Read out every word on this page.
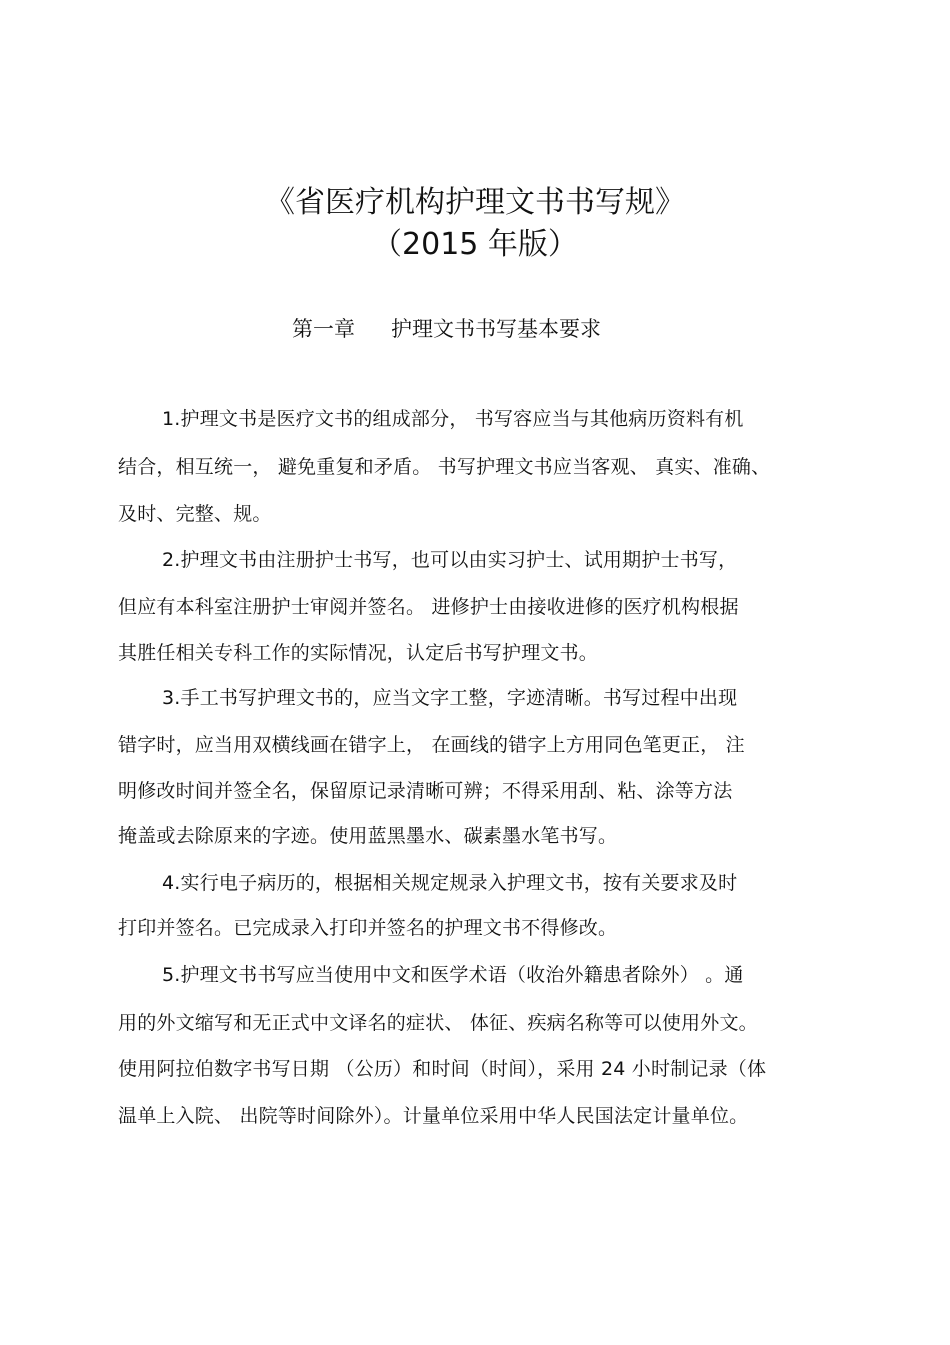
《省医疗机构护理文书书写规》
（2015 年版）
第一章 护理文书书写基本要求
1.护理文书是医疗文书的组成部分， 书写容应当与其他病历资料有机
结合，相互统一， 避免重复和矛盾。 书写护理文书应当客观、 真实、准确、
及时、完整、规。
2.护理文书由注册护士书写，也可以由实习护士、试用期护士书写，
但应有本科室注册护士审阅并签名。 进修护士由接收进修的医疗机构根据
其胜任相关专科工作的实际情况，认定后书写护理文书。
3.手工书写护理文书的，应当文字工整，字迹清晰。书写过程中出现
错字时，应当用双横线画在错字上， 在画线的错字上方用同色笔更正， 注
明修改时间并签全名，保留原记录清晰可辨；不得采用刮、粘、涂等方法
掩盖或去除原来的字迹。使用蓝黑墨水、碳素墨水笔书写。
4.实行电子病历的，根据相关规定规录入护理文书，按有关要求及时
打印并签名。已完成录入打印并签名的护理文书不得修改。
5.护理文书书写应当使用中文和医学术语（收治外籍患者除外） 。通
用的外文缩写和无正式中文译名的症状、 体征、疾病名称等可以使用外文。
使用阿拉伯数字书写日期 （公历）和时间（时间），采用 24 小时制记录（体
温单上入院、 出院等时间除外）。计量单位采用中华人民国法定计量单位。
